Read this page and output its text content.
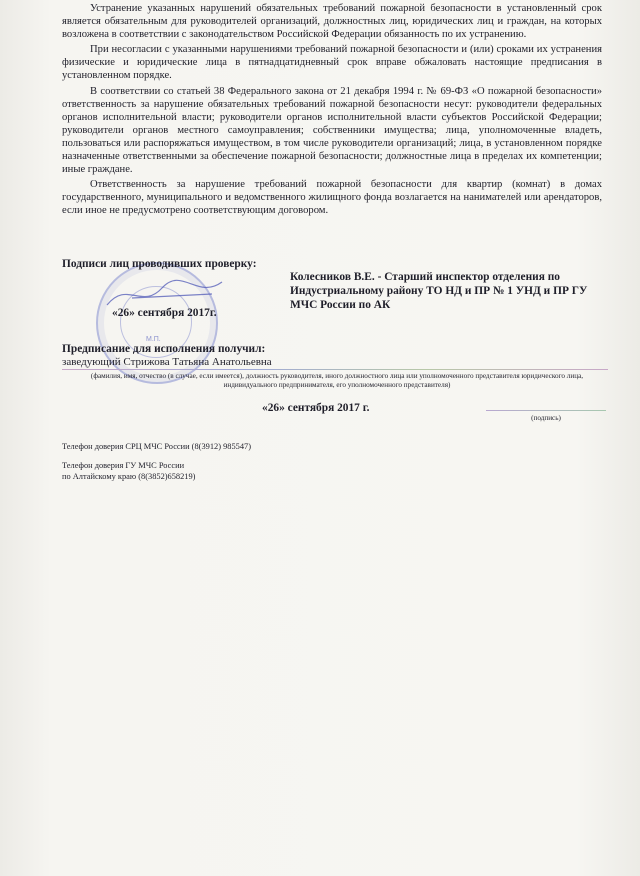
Устранение указанных нарушений обязательных требований пожарной безопасности в установленный срок является обязательным для руководителей организаций, должностных лиц, юридических лиц и граждан, на которых возложена в соответствии с законодательством Российской Федерации обязанность по их устранению.

При несогласии с указанными нарушениями требований пожарной безопасности и (или) сроками их устранения физические и юридические лица в пятнадцатидневный срок вправе обжаловать настоящие предписания в установленном порядке.

В соответствии со статьей 38 Федерального закона от 21 декабря 1994 г. № 69-ФЗ «О пожарной безопасности» ответственность за нарушение обязательных требований пожарной безопасности несут: руководители федеральных органов исполнительной власти; руководители органов исполнительной власти субъектов Российской Федерации; руководители органов местного самоуправления; собственники имущества; лица, уполномоченные владеть, пользоваться или распоряжаться имуществом, в том числе руководители организаций; лица, в установленном порядке назначенные ответственными за обеспечение пожарной безопасности; должностные лица в пределах их компетенции; иные граждане.

Ответственность за нарушение требований пожарной безопасности для квартир (комнат) в домах государственного, муниципального и ведомственного жилищного фонда возлагается на нанимателей или арендаторов, если иное не предусмотрено соответствующим договором.

М.П.
Подписи лиц проводивших проверку:
«26» сентября 2017г.
Колесников В.Е. - Старший инспектор отделения по Индустриальному району ТО НД и ПР № 1 УНД и ПР ГУ МЧС России по АК
Предписание для исполнения получил:
заведующий Стрижова Татьяна Анатольевна
(фамилия, имя, отчество (в случае, если имеется), должность руководителя, иного должностного лица или уполномоченного представителя юридического лица, индивидуального предпринимателя, его уполномоченного представителя)
«26» сентября 2017 г.
(подпись)
Телефон доверия СРЦ МЧС России (8(3912) 985547)
Телефон доверия ГУ МЧС России
по Алтайскому краю (8(3852)658219)
